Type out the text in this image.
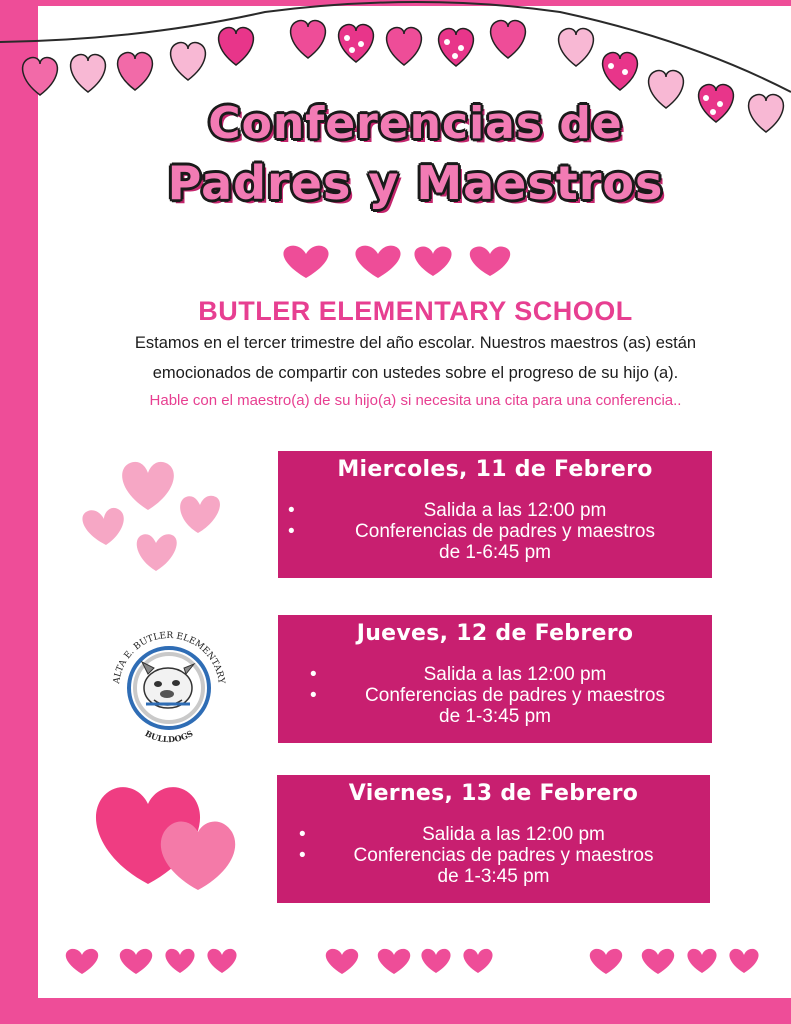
Conferencias de
Padres y Maestros
BUTLER ELEMENTARY SCHOOL
Estamos en el tercer trimestre del año escolar. Nuestros maestros (as) están
emocionados de compartir con ustedes sobre el progreso de su hijo (a).
Hable con el maestro(a) de su hijo(a) si necesita una cita para una conferencia..
ALTA E. BUTLER ELEMENTARY
BULLDOGS
Miercoles, 11 de Febrero
•	Salida a las 12:00 pm
•	Conferencias de padres y maestros
de 1-6:45 pm
Jueves, 12 de Febrero
•	Salida a las 12:00 pm
•	Conferencias de padres y maestros
de 1-3:45 pm
Viernes, 13 de Febrero
•	Salida a las 12:00 pm
•	Conferencias de padres y maestros
de 1-3:45 pm
